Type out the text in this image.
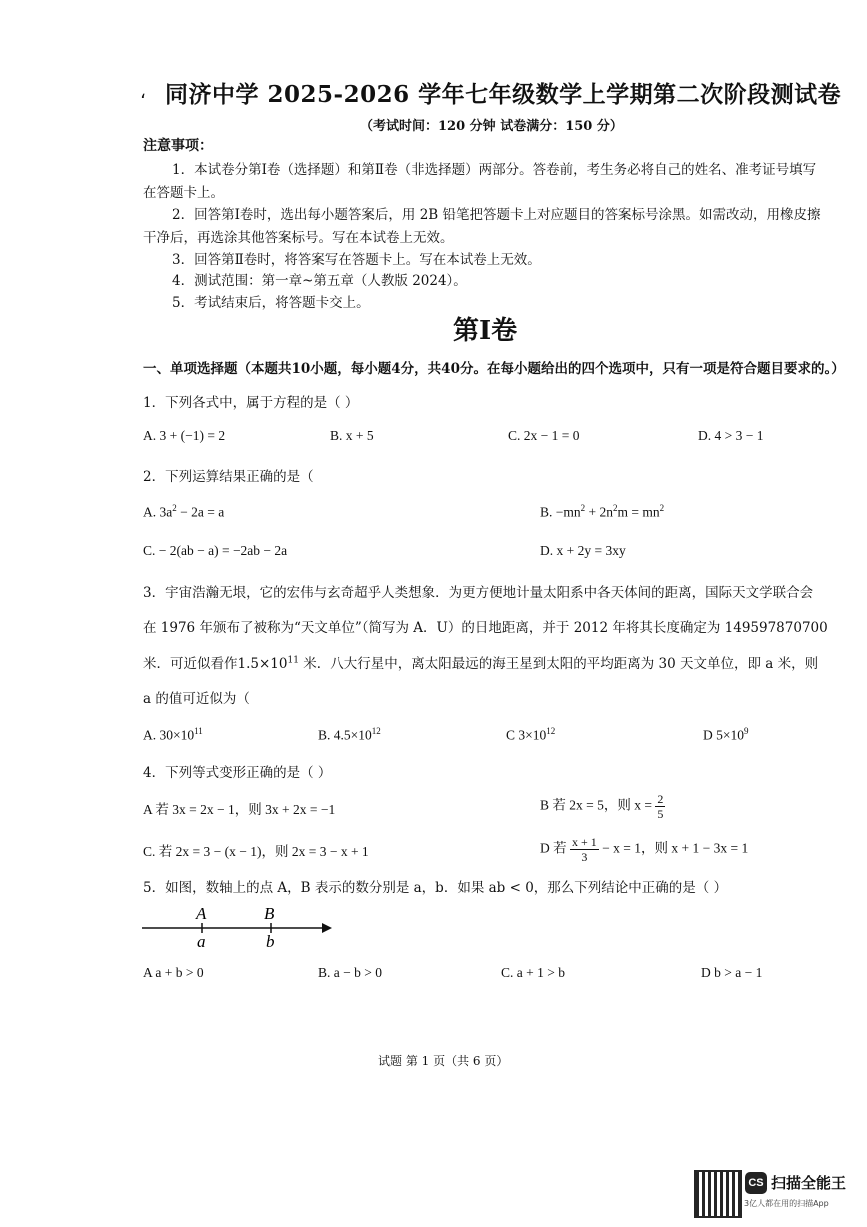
، 同济中学 2025-2026 学年七年级数学上学期第二次阶段测试卷
（考试时间：120 分钟 试卷满分：150 分）
注意事项：
1．本试卷分第Ⅰ卷（选择题）和第Ⅱ卷（非选择题）两部分。答卷前，考生务必将自己的姓名、准考证号填写
在答题卡上。
2．回答第Ⅰ卷时，选出每小题答案后，用 2B 铅笔把答题卡上对应题目的答案标号涂黑。如需改动，用橡皮擦
干净后，再选涂其他答案标号。写在本试卷上无效。
3．回答第Ⅱ卷时，将答案写在答题卡上。写在本试卷上无效。
4．测试范围：第一章~第五章（人教版 2024）。
5．考试结束后，将答题卡交上。
第Ⅰ卷
一、单项选择题（本题共10小题，每小题4分，共40分。在每小题给出的四个选项中，只有一项是符合题目要求的。）
1．下列各式中，属于方程的是（ ）
A. 3 + (−1) = 2	B. x + 5	C. 2x − 1 = 0	D. 4 > 3 − 1
2．下列运算结果正确的是（
A. $3a^2 - 2a = a$	B. $-mn^2 + 2n^2m = mn^2$
C. − 2(ab − a) = −2ab − 2a	D. x + 2y = 3xy
3．宇宙浩瀚无垠，它的宏伟与玄奇超乎人类想象．为更方便地计量太阳系中各天体间的距离，国际天文学联合会
在 1976 年颁布了被称为“天文单位”（简写为 A．U）的日地距离，并于 2012 年将其长度确定为 149597870700
米．可近似看作$1.5\times 10^{11}$ 米．八大行星中，离太阳最远的海王星到太阳的平均距离为 30 天文单位，即 a 米，则
a 的值可近似为（
A. $30\times 10^{11}$	B. $4.5\times 10^{12}$	C $3\times 10^{12}$	D $5\times 10^9$
4．下列等式变形正确的是（ ）
A 若 3x = 2x − 1，则 3x + 2x = −1	B 若 2x = 5，则 $x = \frac{2}{5}$
C. 若 2x = 3 − (x − 1)，则 2x = 3 − x + 1	D 若 $\frac{x + 1}{3} - x = 1$，则 x + 1 − 3x = 1
5．如图，数轴上的点 A，B 表示的数分别是 a，b．如果 ab < 0，那么下列结论中正确的是（ ）
A	B
a	b
A a + b > 0	B. a − b > 0	C. a + 1 > b	D b > a − 1
试题 第 1 页（共 6 页）
CS 扫描全能王
3亿人都在用的扫描App
